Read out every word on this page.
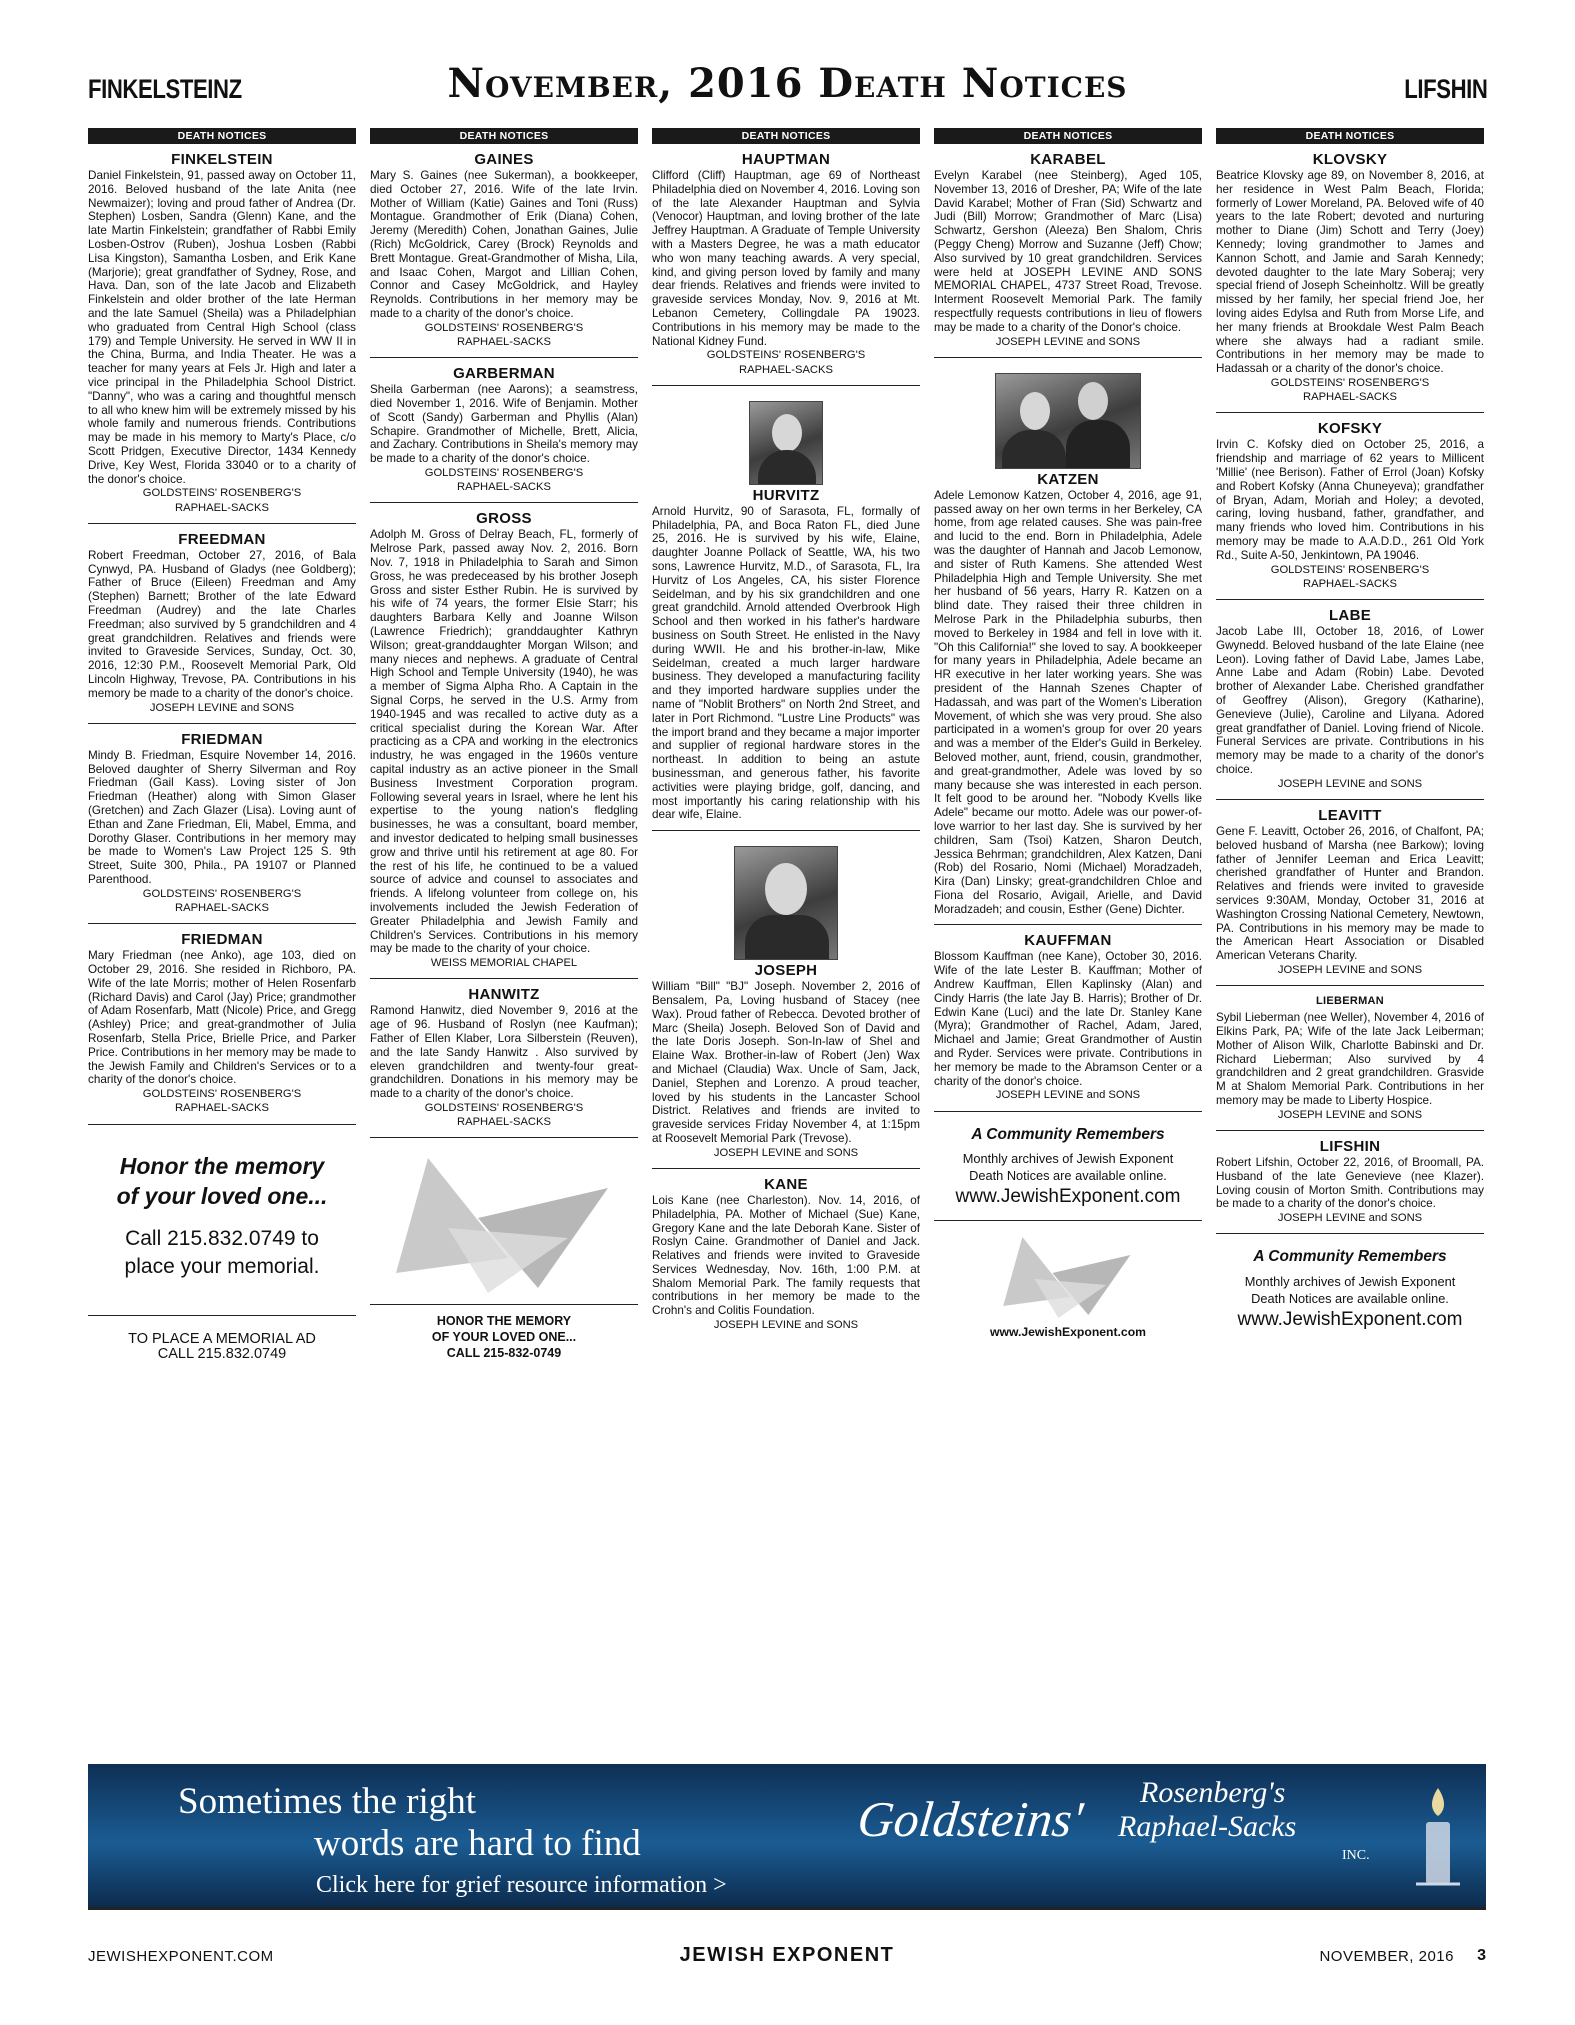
FINKELSTEINZ	November, 2016 Death Notices	LIFSHIN
DEATH NOTICES
FINKELSTEIN
Daniel Finkelstein, 91, passed away on October 11, 2016. Beloved husband of the late Anita (nee Newmaizer); loving and proud father of Andrea (Dr. Stephen) Losben, Sandra (Glenn) Kane, and the late Martin Finkelstein; grandfather of Rabbi Emily Losben-Ostrov (Ruben), Joshua Losben (Rabbi Lisa Kingston), Samantha Losben, and Erik Kane (Marjorie); great grandfather of Sydney, Rose, and Hava. Dan, son of the late Jacob and Elizabeth Finkelstein and older brother of the late Herman and the late Samuel (Sheila) was a Philadelphian who graduated from Central High School (class 179) and Temple University. He served in WW II in the China, Burma, and India Theater. He was a teacher for many years at Fels Jr. High and later a vice principal in the Philadelphia School District. "Danny", who was a caring and thoughtful mensch to all who knew him will be extremely missed by his whole family and numerous friends. Contributions may be made in his memory to Marty's Place, c/o Scott Pridgen, Executive Director, 1434 Kennedy Drive, Key West, Florida 33040 or to a charity of the donor's choice.
GOLDSTEINS' ROSENBERG'S
RAPHAEL-SACKS
FREEDMAN
Robert Freedman, October 27, 2016, of Bala Cynwyd, PA. Husband of Gladys (nee Goldberg); Father of Bruce (Eileen) Freedman and Amy (Stephen) Barnett; Brother of the late Edward Freedman (Audrey) and the late Charles Freedman; also survived by 5 grandchildren and 4 great grandchildren. Relatives and friends were invited to Graveside Services, Sunday, Oct. 30, 2016, 12:30 P.M., Roosevelt Memorial Park, Old Lincoln Highway, Trevose, PA. Contributions in his memory be made to a charity of the donor's choice.
JOSEPH LEVINE and SONS
FRIEDMAN
Mindy B. Friedman, Esquire November 14, 2016. Beloved daughter of Sherry Silverman and Roy Friedman (Gail Kass). Loving sister of Jon Friedman (Heather) along with Simon Glaser (Gretchen) and Zach Glazer (Lisa). Loving aunt of Ethan and Zane Friedman, Eli, Mabel, Emma, and Dorothy Glaser. Contributions in her memory may be made to Women's Law Project 125 S. 9th Street, Suite 300, Phila., PA 19107 or Planned Parenthood.
GOLDSTEINS' ROSENBERG'S
RAPHAEL-SACKS
FRIEDMAN
Mary Friedman (nee Anko), age 103, died on October 29, 2016. She resided in Richboro, PA. Wife of the late Morris; mother of Helen Rosenfarb (Richard Davis) and Carol (Jay) Price; grandmother of Adam Rosenfarb, Matt (Nicole) Price, and Gregg (Ashley) Price; and great-grandmother of Julia Rosenfarb, Stella Price, Brielle Price, and Parker Price. Contributions in her memory may be made to the Jewish Family and Children's Services or to a charity of the donor's choice.
GOLDSTEINS' ROSENBERG'S
RAPHAEL-SACKS
Honor the memory
of your loved one...
Call 215.832.0749 to
place your memorial.
TO PLACE A MEMORIAL AD
CALL 215.832.0749
DEATH NOTICES
GAINES
Mary S. Gaines (nee Sukerman), a bookkeeper, died October 27, 2016. Wife of the late Irvin. Mother of William (Katie) Gaines and Toni (Russ) Montague. Grandmother of Erik (Diana) Cohen, Jeremy (Meredith) Cohen, Jonathan Gaines, Julie (Rich) McGoldrick, Carey (Brock) Reynolds and Brett Montague. Great-Grandmother of Misha, Lila, and Isaac Cohen, Margot and Lillian Cohen, Connor and Casey McGoldrick, and Hayley Reynolds. Contributions in her memory may be made to a charity of the donor's choice.
GOLDSTEINS' ROSENBERG'S
RAPHAEL-SACKS
GARBERMAN
Sheila Garberman (nee Aarons); a seamstress, died November 1, 2016. Wife of Benjamin. Mother of Scott (Sandy) Garberman and Phyllis (Alan) Schapire. Grandmother of Michelle, Brett, Alicia, and Zachary. Contributions in Sheila's memory may be made to a charity of the donor's choice.
GOLDSTEINS' ROSENBERG'S
RAPHAEL-SACKS
GROSS
Adolph M. Gross of Delray Beach, FL, formerly of Melrose Park, passed away Nov. 2, 2016. Born Nov. 7, 1918 in Philadelphia to Sarah and Simon Gross, he was predeceased by his brother Joseph Gross and sister Esther Rubin. He is survived by his wife of 74 years, the former Elsie Starr; his daughters Barbara Kelly and Joanne Wilson (Lawrence Friedrich); granddaughter Kathryn Wilson; great-granddaughter Morgan Wilson; and many nieces and nephews. A graduate of Central High School and Temple University (1940), he was a member of Sigma Alpha Rho. A Captain in the Signal Corps, he served in the U.S. Army from 1940-1945 and was recalled to active duty as a critical specialist during the Korean War. After practicing as a CPA and working in the electronics industry, he was engaged in the 1960s venture capital industry as an active pioneer in the Small Business Investment Corporation program. Following several years in Israel, where he lent his expertise to the young nation's fledgling businesses, he was a consultant, board member, and investor dedicated to helping small businesses grow and thrive until his retirement at age 80. For the rest of his life, he continued to be a valued source of advice and counsel to associates and friends. A lifelong volunteer from college on, his involvements included the Jewish Federation of Greater Philadelphia and Jewish Family and Children's Services. Contributions in his memory may be made to the charity of your choice.
WEISS MEMORIAL CHAPEL
HANWITZ
Ramond Hanwitz, died November 9, 2016 at the age of 96. Husband of Roslyn (nee Kaufman); Father of Ellen Klaber, Lora Silberstein (Reuven), and the late Sandy Hanwitz . Also survived by eleven grandchildren and twenty-four great-grandchildren. Donations in his memory may be made to a charity of the donor's choice.
GOLDSTEINS' ROSENBERG'S
RAPHAEL-SACKS
HONOR THE MEMORY
OF YOUR LOVED ONE...
CALL 215-832-0749
DEATH NOTICES
HAUPTMAN
Clifford (Cliff) Hauptman, age 69 of Northeast Philadelphia died on November 4, 2016. Loving son of the late Alexander Hauptman and Sylvia (Venocor) Hauptman, and loving brother of the late Jeffrey Hauptman. A Graduate of Temple University with a Masters Degree, he was a math educator who won many teaching awards. A very special, kind, and giving person loved by family and many dear friends. Relatives and friends were invited to graveside services Monday, Nov. 9, 2016 at Mt. Lebanon Cemetery, Collingdale PA 19023. Contributions in his memory may be made to the National Kidney Fund.
GOLDSTEINS' ROSENBERG'S
RAPHAEL-SACKS
HURVITZ
Arnold Hurvitz, 90 of Sarasota, FL, formally of Philadelphia, PA, and Boca Raton FL, died June 25, 2016. He is survived by his wife, Elaine, daughter Joanne Pollack of Seattle, WA, his two sons, Lawrence Hurvitz, M.D., of Sarasota, FL, Ira Hurvitz of Los Angeles, CA, his sister Florence Seidelman, and by his six grandchildren and one great grandchild. Arnold attended Overbrook High School and then worked in his father's hardware business on South Street. He enlisted in the Navy during WWII. He and his brother-in-law, Mike Seidelman, created a much larger hardware business. They developed a manufacturing facility and they imported hardware supplies under the name of "Noblit Brothers" on North 2nd Street, and later in Port Richmond. "Lustre Line Products" was the import brand and they became a major importer and supplier of regional hardware stores in the northeast. In addition to being an astute businessman, and generous father, his favorite activities were playing bridge, golf, dancing, and most importantly his caring relationship with his dear wife, Elaine.
JOSEPH
William "Bill" "BJ" Joseph. November 2, 2016 of Bensalem, Pa, Loving husband of Stacey (nee Wax). Proud father of Rebecca. Devoted brother of Marc (Sheila) Joseph. Beloved Son of David and the late Doris Joseph. Son-In-law of Shel and Elaine Wax. Brother-in-law of Robert (Jen) Wax and Michael (Claudia) Wax. Uncle of Sam, Jack, Daniel, Stephen and Lorenzo. A proud teacher, loved by his students in the Lancaster School District. Relatives and friends are invited to graveside services Friday November 4, at 1:15pm at Roosevelt Memorial Park (Trevose).
JOSEPH LEVINE and SONS
KANE
Lois Kane (nee Charleston). Nov. 14, 2016, of Philadelphia, PA. Mother of Michael (Sue) Kane, Gregory Kane and the late Deborah Kane. Sister of Roslyn Caine. Grandmother of Daniel and Jack. Relatives and friends were invited to Graveside Services Wednesday, Nov. 16th, 1:00 P.M. at Shalom Memorial Park. The family requests that contributions in her memory be made to the Crohn's and Colitis Foundation.
JOSEPH LEVINE and SONS
DEATH NOTICES
KARABEL
Evelyn Karabel (nee Steinberg), Aged 105, November 13, 2016 of Dresher, PA; Wife of the late David Karabel; Mother of Fran (Sid) Schwartz and Judi (Bill) Morrow; Grandmother of Marc (Lisa) Schwartz, Gershon (Aleeza) Ben Shalom, Chris (Peggy Cheng) Morrow and Suzanne (Jeff) Chow; Also survived by 10 great grandchildren. Services were held at JOSEPH LEVINE AND SONS MEMORIAL CHAPEL, 4737 Street Road, Trevose. Interment Roosevelt Memorial Park. The family respectfully requests contributions in lieu of flowers may be made to a charity of the Donor's choice.
JOSEPH LEVINE and SONS
KATZEN
Adele Lemonow Katzen, October 4, 2016, age 91, passed away on her own terms in her Berkeley, CA home, from age related causes. She was pain-free and lucid to the end. Born in Philadelphia, Adele was the daughter of Hannah and Jacob Lemonow, and sister of Ruth Kamens. She attended West Philadelphia High and Temple University. She met her husband of 56 years, Harry R. Katzen on a blind date. They raised their three children in Melrose Park in the Philadelphia suburbs, then moved to Berkeley in 1984 and fell in love with it. "Oh this California!" she loved to say. A bookkeeper for many years in Philadelphia, Adele became an HR executive in her later working years. She was president of the Hannah Szenes Chapter of Hadassah, and was part of the Women's Liberation Movement, of which she was very proud. She also participated in a women's group for over 20 years and was a member of the Elder's Guild in Berkeley. Beloved mother, aunt, friend, cousin, grandmother, and great-grandmother, Adele was loved by so many because she was interested in each person. It felt good to be around her. "Nobody Kvells like Adele" became our motto. Adele was our power-of-love warrior to her last day. She is survived by her children, Sam (Tsoi) Katzen, Sharon Deutch, Jessica Behrman; grandchildren, Alex Katzen, Dani (Rob) del Rosario, Nomi (Michael) Moradzadeh, Kira (Dan) Linsky; great-grandchildren Chloe and Fiona del Rosario, Avigail, Arielle, and David Moradzadeh; and cousin, Esther (Gene) Dichter.
KAUFFMAN
Blossom Kauffman (nee Kane), October 30, 2016. Wife of the late Lester B. Kauffman; Mother of Andrew Kauffman, Ellen Kaplinsky (Alan) and Cindy Harris (the late Jay B. Harris); Brother of Dr. Edwin Kane (Luci) and the late Dr. Stanley Kane (Myra); Grandmother of Rachel, Adam, Jared, Michael and Jamie; Great Grandmother of Austin and Ryder. Services were private. Contributions in her memory be made to the Abramson Center or a charity of the donor's choice.
JOSEPH LEVINE and SONS
A Community Remembers
Monthly archives of Jewish Exponent
Death Notices are available online.
www.JewishExponent.com
www.JewishExponent.com
DEATH NOTICES
KLOVSKY
Beatrice Klovsky age 89, on November 8, 2016, at her residence in West Palm Beach, Florida; formerly of Lower Moreland, PA. Beloved wife of 40 years to the late Robert; devoted and nurturing mother to Diane (Jim) Schott and Terry (Joey) Kennedy; loving grandmother to James and Kannon Schott, and Jamie and Sarah Kennedy; devoted daughter to the late Mary Soberaj; very special friend of Joseph Scheinholtz. Will be greatly missed by her family, her special friend Joe, her loving aides Edylsa and Ruth from Morse Life, and her many friends at Brookdale West Palm Beach where she always had a radiant smile. Contributions in her memory may be made to Hadassah or a charity of the donor's choice.
GOLDSTEINS' ROSENBERG'S
RAPHAEL-SACKS
KOFSKY
Irvin C. Kofsky died on October 25, 2016, a friendship and marriage of 62 years to Millicent 'Millie' (nee Berison). Father of Errol (Joan) Kofsky and Robert Kofsky (Anna Chuneyeva); grandfather of Bryan, Adam, Moriah and Holey; a devoted, caring, loving husband, father, grandfather, and many friends who loved him. Contributions in his memory may be made to A.A.D.D., 261 Old York Rd., Suite A-50, Jenkintown, PA 19046.
GOLDSTEINS' ROSENBERG'S
RAPHAEL-SACKS
LABE
Jacob Labe III, October 18, 2016, of Lower Gwynedd. Beloved husband of the late Elaine (nee Leon). Loving father of David Labe, James Labe, Anne Labe and Adam (Robin) Labe. Devoted brother of Alexander Labe. Cherished grandfather of Geoffrey (Alison), Gregory (Katharine), Genevieve (Julie), Caroline and Lilyana. Adored great grandfather of Daniel. Loving friend of Nicole. Funeral Services are private. Contributions in his memory may be made to a charity of the donor's choice.
JOSEPH LEVINE and SONS
LEAVITT
Gene F. Leavitt, October 26, 2016, of Chalfont, PA; beloved husband of Marsha (nee Barkow); loving father of Jennifer Leeman and Erica Leavitt; cherished grandfather of Hunter and Brandon. Relatives and friends were invited to graveside services 9:30AM, Monday, October 31, 2016 at Washington Crossing National Cemetery, Newtown, PA. Contributions in his memory may be made to the American Heart Association or Disabled American Veterans Charity.
JOSEPH LEVINE and SONS
LIEBERMAN
Sybil Lieberman (nee Weller), November 4, 2016 of Elkins Park, PA; Wife of the late Jack Leiberman; Mother of Alison Wilk, Charlotte Babinski and Dr. Richard Lieberman; Also survived by 4 grandchildren and 2 great grandchildren. Grasvide M at Shalom Memorial Park. Contributions in her memory may be made to Liberty Hospice.
JOSEPH LEVINE and SONS
LIFSHIN
Robert Lifshin, October 22, 2016, of Broomall, PA. Husband of the late Genevieve (nee Klazer). Loving cousin of Morton Smith. Contributions may be made to a charity of the donor's choice.
JOSEPH LEVINE and SONS
A Community Remembers
Monthly archives of Jewish Exponent
Death Notices are available online.
www.JewishExponent.com
Sometimes the right
words are hard to find
Click here for grief resource information >
Goldsteins' Rosenberg's
Raphael-Sacks
INC.
JEWISHEXPONENT.COM	JEWISH EXPONENT	NOVEMBER, 2016 3
